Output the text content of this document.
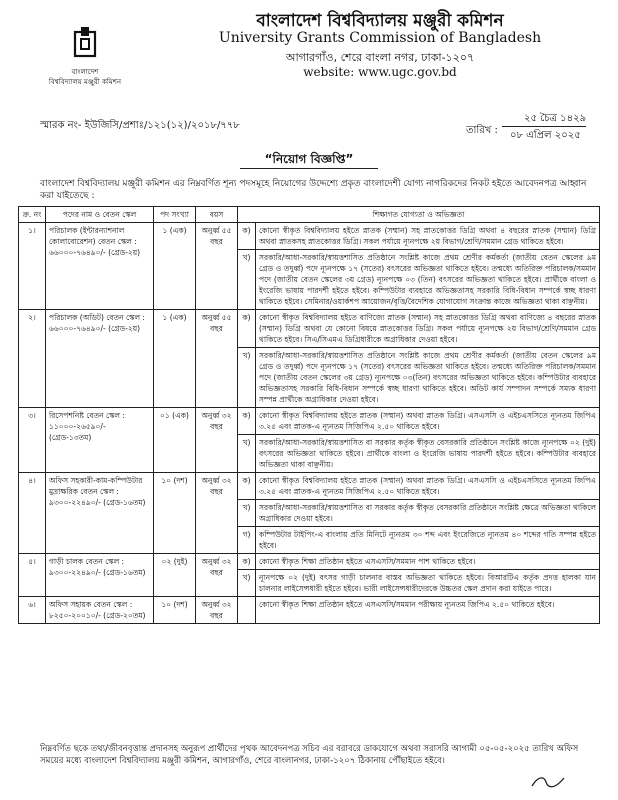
বাংলাদেশ
বিশ্ববিদ্যালয় মঞ্জুরী কমিশন
বাংলাদেশ বিশ্ববিদ্যালয় মঞ্জুরী কমিশন
University Grants Commission of Bangladesh
আগারগাঁও, শেরে বাংলা নগর, ঢাকা-১২০৭
website: www.ugc.gov.bd
স্মারক নং- ইউজিসি/প্রশাঃ/১২১(১২)/২০১৮/৭৭৮	তারিখ :
২৫ চৈত্র ১৪২৯
০৮ এপ্রিল ২০২৫
“নিয়োগ বিজ্ঞপ্তি”
বাংলাদেশ বিশ্ববিদ্যালয় মঞ্জুরী কমিশন এর নিম্নবর্ণিত শূন্য পদসমূহে নিয়োগের উদ্দেশ্যে প্রকৃত বাংলাদেশী যোগ্য নাগরিকদের নিকট হইতে আবেদনপত্র আহ্বান করা যাইতেছে :
ক্র. নং	পদের নাম ও বেতন স্কেল	পদ সংখ্যা	বয়স	শিক্ষাগত যোগ্যতা ও অভিজ্ঞতা	
১।	পরিচালক (ইন্টারন্যাশনাল কোলাবোরেশন) বেতন স্কেল : ৬৬০০০-৭৬৪৯০/- (গ্রেড-২য়)	১ (এক)	অনুর্ধ্ব ৫৫ বছর	ক)	কোনো স্বীকৃত বিশ্ববিদ্যালয় হইতে স্নাতক (সম্মান) সহ স্নাতকোত্তর ডিগ্রি অথবা ৪ বছরের স্নাতক (সম্মান) ডিগ্রি অথবা স্নাতকসহ স্নাতকোত্তর ডিগ্রি। সকল পর্যায়ে ন্যূনপক্ষে ২য় বিভাগ/শ্রেণি/সমমান গ্রেড থাকিতে হইবে।
				খ)	সরকারি/আধা-সরকারি/স্বায়ত্তশাসিত প্রতিষ্ঠানে সংশ্লিষ্ট কাজে প্রথম শ্রেণীর কর্মকর্তা (জাতীয় বেতন স্কেলের ৯ম গ্রেড ও তদুর্ধ্ব) পদে ন্যূনপক্ষে ১৭ (সতের) বৎসরের অভিজ্ঞতা থাকিতে হইবে। তন্মধ্যে অতিরিক্ত পরিচালক/সমমান পদে (জাতীয় বেতন স্কেলের ৩য় গ্রেড) ন্যূনপক্ষে ০৩ (তিন) বৎসরের অভিজ্ঞতা থাকিতে হইবে। প্রার্থীকে বাংলা ও ইংরেজি ভাষায় পারদর্শী হইতে হইবে। কম্পিউটার ব্যবহারে অভিজ্ঞতাসহ সরকারি বিধি-বিধান সম্পর্কে স্বচ্ছ ধারণা থাকিতে হইবে। সেমিনার/ওয়ার্কশপ আয়োজন/বৃত্তি/বৈদেশিক যোগাযোগ সংক্রান্ত কাজে অভিজ্ঞতা থাকা বাঞ্ছনীয়।
২।	পরিচালক (অডিট) বেতন স্কেল : ৬৬০০০-৭৬৪৯০/- (গ্রেড-২য়)	১ (এক)	অনুর্ধ্ব ৫৫ বছর	ক)	কোনো স্বীকৃত বিশ্ববিদ্যালয় হইতে বাণিজ্যে স্নাতক (সম্মান) সহ স্নাতকোত্তর ডিগ্রি অথবা বাণিজ্যে ৪ বছরের স্নাতক (সম্মান) ডিগ্রি অথবা যে কোনো বিষয়ে স্নাতকোত্তর ডিগ্রি। সকল পর্যায়ে ন্যূনপক্ষে ২য় বিভাগ/শ্রেণি/সমমান গ্রেড থাকিতে হইবে। সিএ/সিএমএ ডিগ্রিধারীকে অগ্রাধিকার দেওয়া হইবে।
				খ)	সরকারি/আধা-সরকারি/স্বায়ত্তশাসিত প্রতিষ্ঠানে সংশ্লিষ্ট কাজে প্রথম শ্রেণীর কর্মকর্তা (জাতীয় বেতন স্কেলের ৯ম গ্রেড ও তদুর্ধ্ব) পদে ন্যূনপক্ষে ১৭ (সতের) বৎসরের অভিজ্ঞতা থাকিতে হইবে। তন্মধ্যে অতিরিক্ত পরিচালক/সমমান পদে (জাতীয় বেতন স্কেলের ৩য় গ্রেড) ন্যূনপক্ষে ০৩(তিন) বৎসরের অভিজ্ঞতা থাকিতে হইবে। কম্পিউটার ব্যবহারে অভিজ্ঞতাসহ সরকারি বিধি-বিধান সম্পর্কে স্বচ্ছ ধারণা থাকিতে হইবে। অডিট কার্য সম্পাদন সম্পর্কে সম্যক ধারণা সম্পন্ন প্রার্থীকে অগ্রাধিকার দেওয়া হইবে।
৩।	রিসেপশনিষ্ট বেতন স্কেল : ১১০০০-২৬৫৯০/- (গ্রেড-১৩তম)	০১ (এক)	অনুর্ধ্ব ৩২ বছর	ক)	কোনো স্বীকৃত বিশ্ববিদ্যালয় হইতে স্নাতক (সম্মান) অথবা স্নাতক ডিগ্রি। এসএসসি ও এইচএসসিতে ন্যূনতম জিপিএ ৩.২৫ এবং স্নাতক-এ ন্যূনতম সিজিপিএ ২.৫০ থাকিতে হইবে।
				খ)	সরকারি/আধা-সরকারি/স্বায়ত্তশাসিত বা সরকার কর্তৃক স্বীকৃত বেসরকারি প্রতিষ্ঠানে সংশ্লিষ্ট কাজে ন্যূনপক্ষে ০২ (দুই) বৎসরের অভিজ্ঞতা থাকিতে হইবে। প্রার্থীকে বাংলা ও ইংরেজি ভাষায় পারদর্শী হইতে হইবে। কম্পিউটার ব্যবহারে অভিজ্ঞতা থাকা বাঞ্ছনীয়।
৪।	অফিস সহকারী-কাম-কম্পিউটার মুদ্রাক্ষরিক বেতন স্কেল : ৯৩০০-২২৪৯০/- (গ্রেড-১৬তম)	১০ (দশ)	অনুর্ধ্ব ৩২ বছর	ক)	কোনো স্বীকৃত বিশ্ববিদ্যালয় হইতে স্নাতক (সম্মান) অথবা স্নাতক ডিগ্রি। এসএসসি ও এইচএসসিতে ন্যূনতম জিপিএ ৩.২৫ এবং স্নাতক-এ ন্যূনতম সিজিপিএ ২.৫০ থাকিতে হইবে।
				খ)	সরকারি/আধা-সরকারি/স্বায়ত্তশাসিত বা সরকার কর্তৃক স্বীকৃত বেসরকারি প্রতিষ্ঠানে সংশ্লিষ্ট ক্ষেত্রে অভিজ্ঞতা থাকিলে অগ্রাধিকার দেওয়া হইবে।
				গ)	কম্পিউটার টাইপিং-এ বাংলায় প্রতি মিনিটে ন্যূনতম ৩০ শব্দ এবং ইংরেজিতে ন্যূনতম ৪০ শব্দের গতি সম্পন্ন হইতে হইবে।
৫।	গাড়ী চালক বেতন স্কেল : ৯৩০০-২২৪৯০/- (গ্রেড-১৬তম)	০২ (দুই)	অনুর্ধ্ব ৩২ বছর	ক)	কোনো স্বীকৃত শিক্ষা প্রতিষ্ঠান হইতে এসএসসি/সমমান পাশ থাকিতে হইবে।
				খ)	ন্যূনপক্ষে ০২ (দুই) বৎসর গাড়ী চালনার বাস্তব অভিজ্ঞতা থাকিতে হইবে। বিআরটিএ কর্তৃক প্রদত্ত হালকা যান চালনার লাইসেন্সধারী হইতে হইবে। ভারী লাইসেন্সধারীদেরকে উচ্চতর স্কেল প্রদান করা যাইতে পারে।
৬।	অফিস সহায়ক বেতন স্কেল : ৮২৫০-২০০১০/- (গ্রেড-২০তম)	১০ (দশ)	অনুর্ধ্ব ৩২ বছর		কোনো স্বীকৃত শিক্ষা প্রতিষ্ঠান হইতে এসএসসি/সমমান পরীক্ষায় ন্যূনতম জিপিএ ২.৫০ থাকিতে হইবে।
নিম্নবর্ণিত ছকে তথ্য/জীবনবৃত্তান্ত প্রদানসহ অনুরূপ প্রার্থীদের পৃথক আবেদনপত্র সচিব এর বরাবরে ডাকযোগে অথবা সরাসরি আগামী ০৫-০৫-২০২৫ তারিখ অফিস সময়ের মধ্যে বাংলাদেশ বিশ্ববিদ্যালয় মঞ্জুরী কমিশন, আগারগাঁও, শেরে বাংলানগর, ঢাকা-১২০৭ ঠিকানায় পৌঁছাইতে হইবে।
